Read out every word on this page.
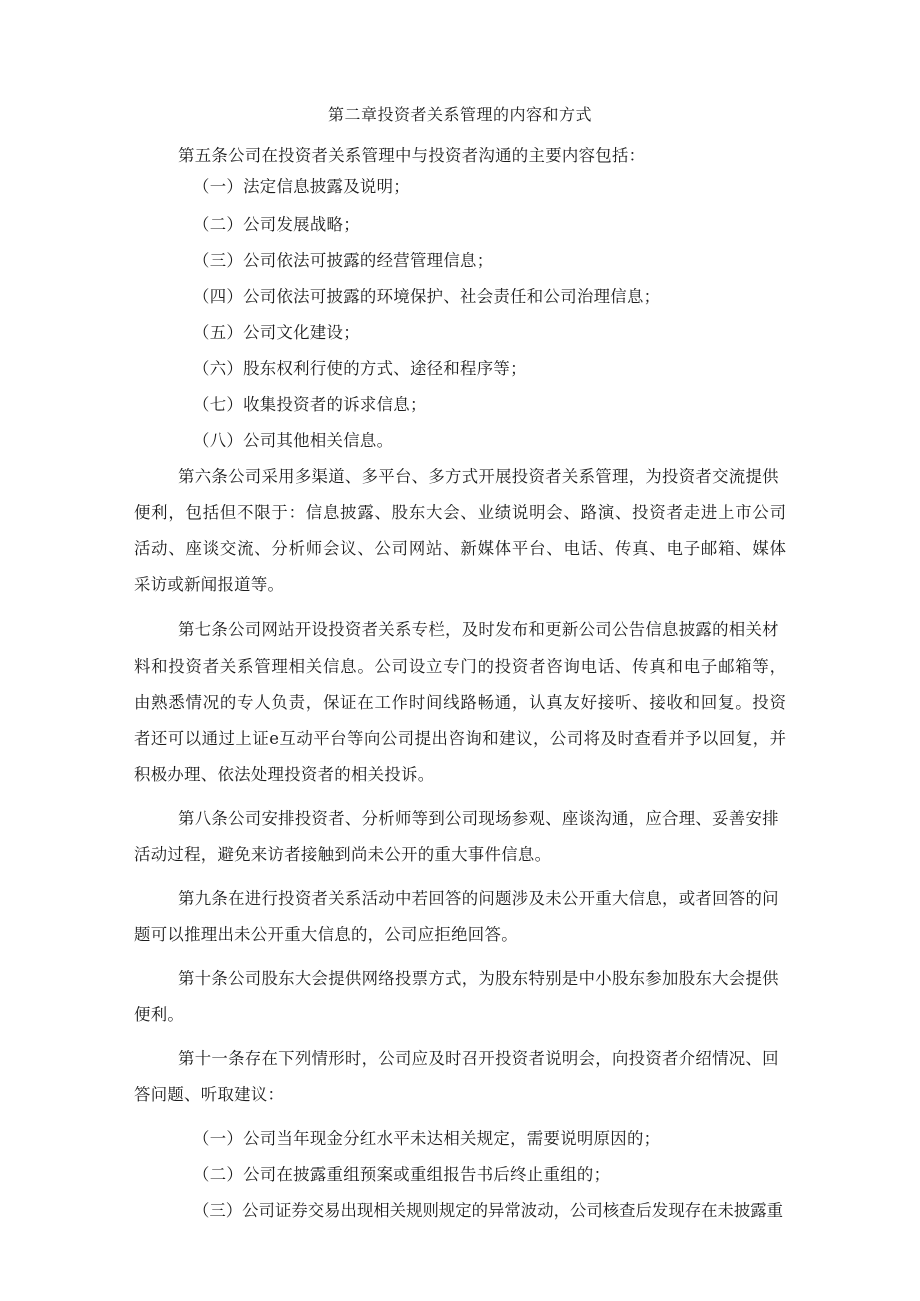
第二章投资者关系管理的内容和方式
第五条公司在投资者关系管理中与投资者沟通的主要内容包括：
（一）法定信息披露及说明；
（二）公司发展战略；
（三）公司依法可披露的经营管理信息；
（四）公司依法可披露的环境保护、社会责任和公司治理信息；
（五）公司文化建设；
（六）股东权利行使的方式、途径和程序等；
（七）收集投资者的诉求信息；
（八）公司其他相关信息。
第六条公司采用多渠道、多平台、多方式开展投资者关系管理，为投资者交流提供
便利，包括但不限于：信息披露、股东大会、业绩说明会、路演、投资者走进上市公司
活动、座谈交流、分析师会议、公司网站、新媒体平台、电话、传真、电子邮箱、媒体
采访或新闻报道等。
第七条公司网站开设投资者关系专栏，及时发布和更新公司公告信息披露的相关材
料和投资者关系管理相关信息。公司设立专门的投资者咨询电话、传真和电子邮箱等，
由熟悉情况的专人负责，保证在工作时间线路畅通，认真友好接听、接收和回复。投资
者还可以通过上证e互动平台等向公司提出咨询和建议，公司将及时查看并予以回复，并
积极办理、依法处理投资者的相关投诉。
第八条公司安排投资者、分析师等到公司现场参观、座谈沟通，应合理、妥善安排
活动过程，避免来访者接触到尚未公开的重大事件信息。
第九条在进行投资者关系活动中若回答的问题涉及未公开重大信息，或者回答的问
题可以推理出未公开重大信息的，公司应拒绝回答。
第十条公司股东大会提供网络投票方式，为股东特别是中小股东参加股东大会提供
便利。
第十一条存在下列情形时，公司应及时召开投资者说明会，向投资者介绍情况、回
答问题、听取建议：
（一）公司当年现金分红水平未达相关规定，需要说明原因的；
（二）公司在披露重组预案或重组报告书后终止重组的；
（三）公司证券交易出现相关规则规定的异常波动，公司核查后发现存在未披露重
